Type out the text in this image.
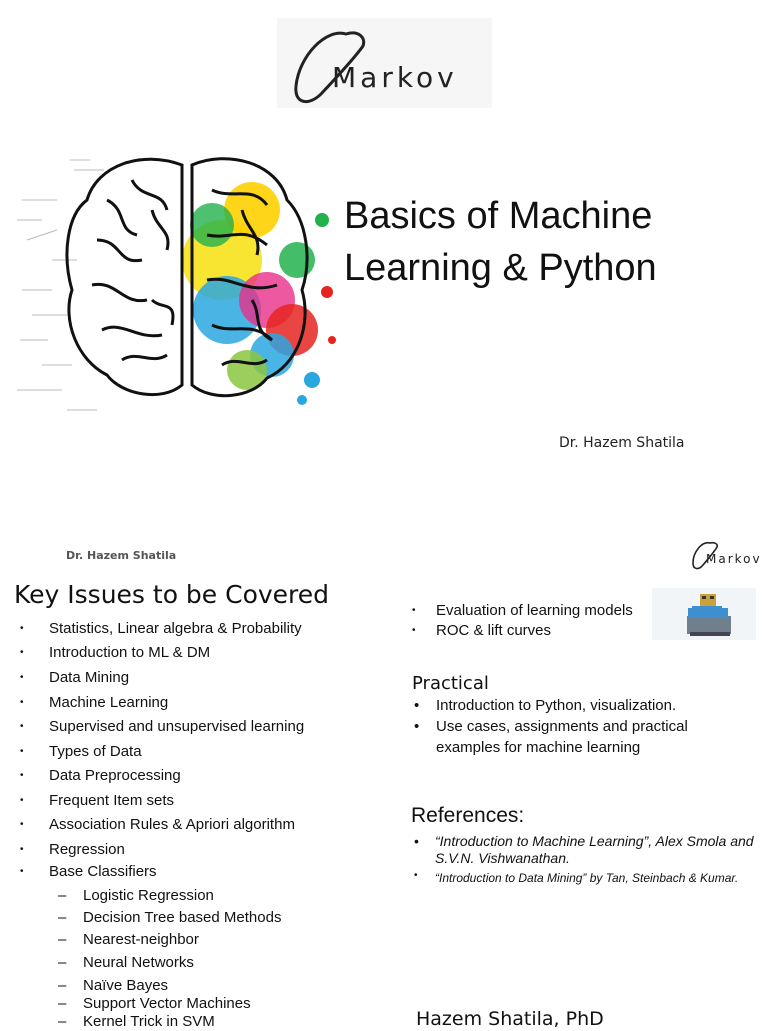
Markov
Basics of Machine
Learning & Python
Dr. Hazem Shatila
Dr. Hazem Shatila	Markov
Key Issues to be Covered
• Statistics, Linear algebra & Probability
• Introduction to ML & DM
• Data Mining
• Machine Learning
• Supervised and unsupervised learning
• Types of Data
• Data Preprocessing
• Frequent Item sets
• Association Rules & Apriori algorithm
• Regression
• Base Classifiers
– Logistic Regression
– Decision Tree based Methods
– Nearest-neighbor
– Neural Networks
– Naïve Bayes
– Support Vector Machines
– Kernel Trick in SVM
• Evaluation of learning models
• ROC & lift curves
Practical
• Introduction to Python, visualization.
• Use cases, assignments and practical examples for machine learning
References:
• “Introduction to Machine Learning”, Alex Smola and S.V.N. Vishwanathan.
• “Introduction to Data Mining” by Tan, Steinbach & Kumar.
Hazem Shatila, PhD
